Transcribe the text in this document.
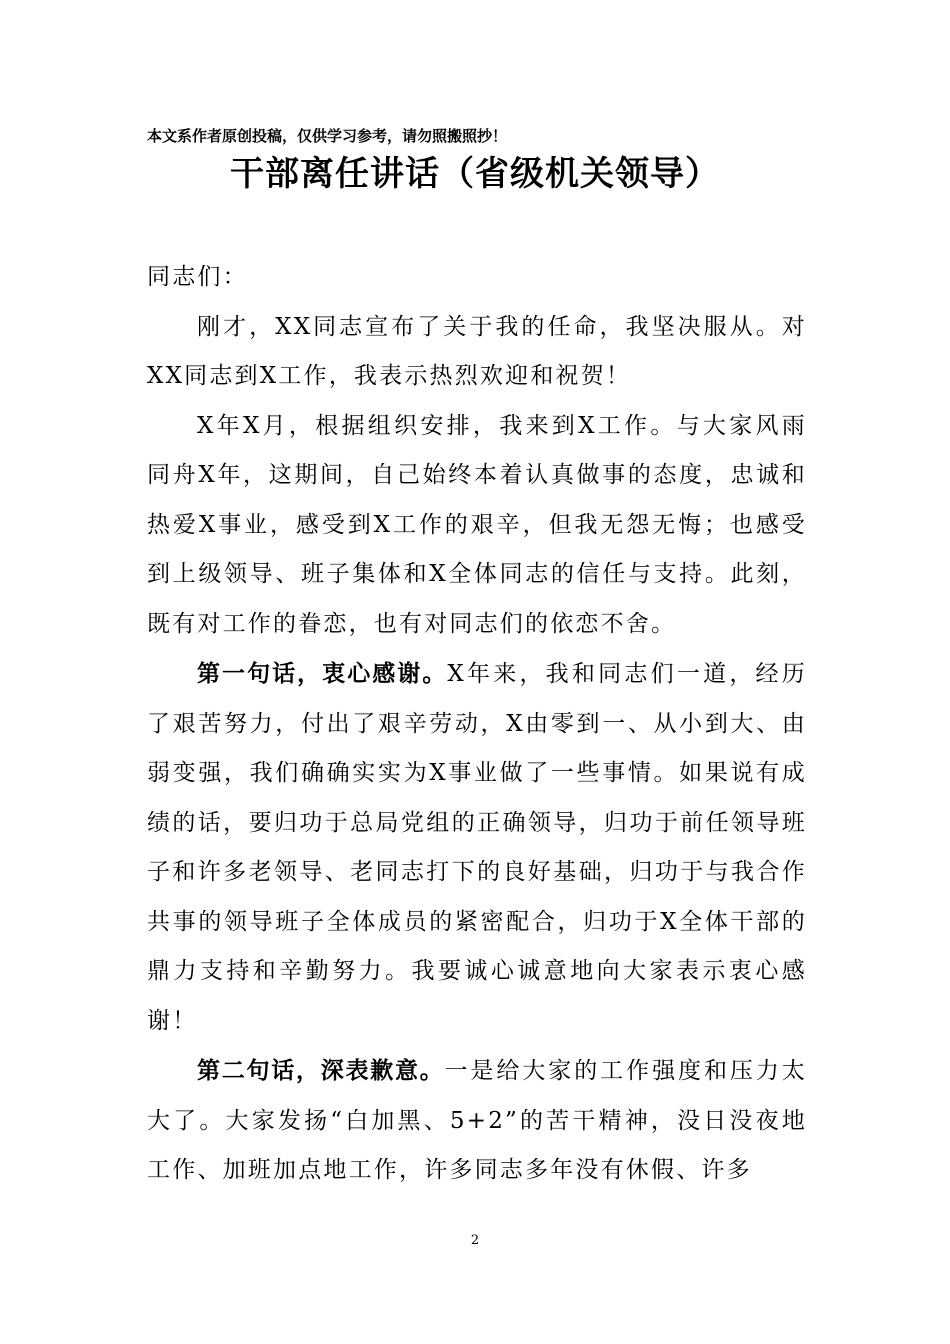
本文系作者原创投稿，仅供学习参考，请勿照搬照抄！
干部离任讲话（省级机关领导）

同志们：

刚才，XX同志宣布了关于我的任命，我坚决服从。对XX同志到X工作，我表示热烈欢迎和祝贺！

X年X月，根据组织安排，我来到X工作。与大家风雨同舟X年，这期间，自己始终本着认真做事的态度，忠诚和热爱X事业，感受到X工作的艰辛，但我无怨无悔；也感受到上级领导、班子集体和X全体同志的信任与支持。此刻，既有对工作的眷恋，也有对同志们的依恋不舍。

第一句话，衷心感谢。X年来，我和同志们一道，经历了艰苦努力，付出了艰辛劳动，X由零到一、从小到大、由弱变强，我们确确实实为X事业做了一些事情。如果说有成绩的话，要归功于总局党组的正确领导，归功于前任领导班子和许多老领导、老同志打下的良好基础，归功于与我合作共事的领导班子全体成员的紧密配合，归功于X全体干部的鼎力支持和辛勤努力。我要诚心诚意地向大家表示衷心感谢！

第二句话，深表歉意。一是给大家的工作强度和压力太大了。大家发扬“白加黑、5+2”的苦干精神，没日没夜地工作、加班加点地工作，许多同志多年没有休假、许多

2
